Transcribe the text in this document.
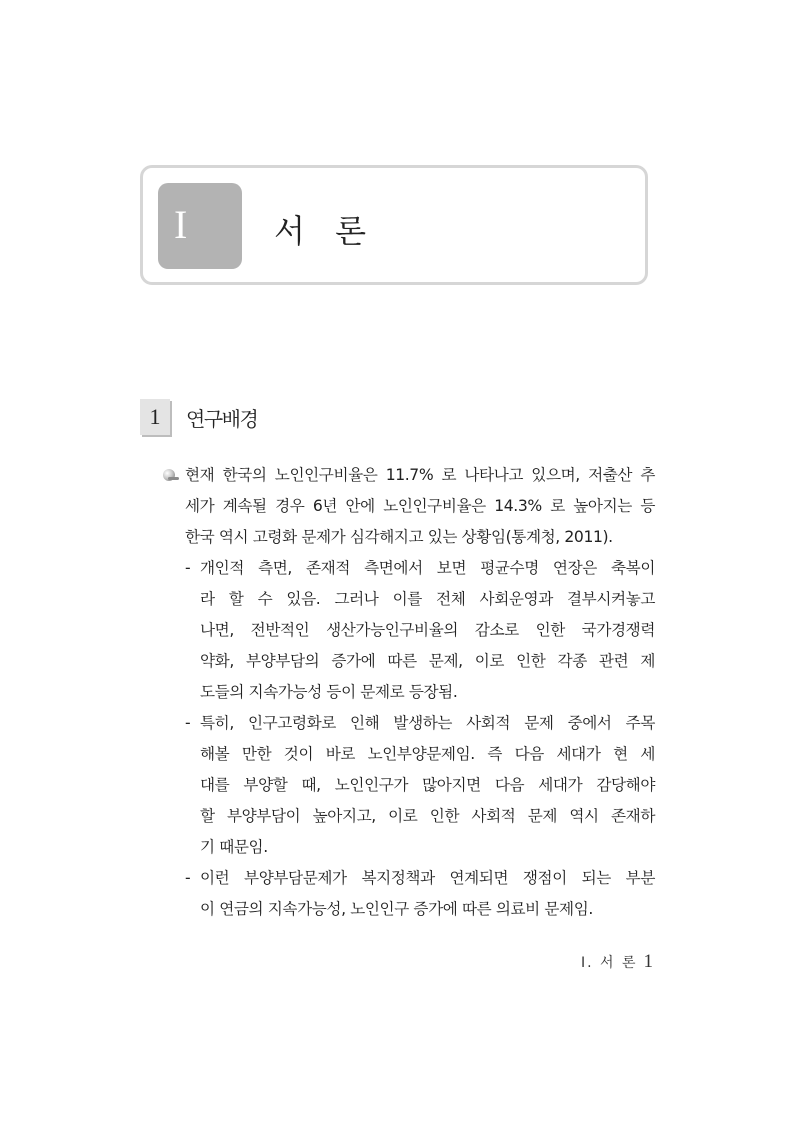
I	서 론
1	연구배경
현재 한국의 노인인구비율은 11.7% 로 나타나고 있으며, 저출산 추
세가 계속될 경우 6년 안에 노인인구비율은 14.3% 로 높아지는 등
한국 역시 고령화 문제가 심각해지고 있는 상황임(통계청, 2011).
- 개인적 측면, 존재적 측면에서 보면 평균수명 연장은 축복이
라 할 수 있음. 그러나 이를 전체 사회운영과 결부시켜놓고
나면, 전반적인 생산가능인구비율의 감소로 인한 국가경쟁력
약화, 부양부담의 증가에 따른 문제, 이로 인한 각종 관련 제
도들의 지속가능성 등이 문제로 등장됨.
- 특히, 인구고령화로 인해 발생하는 사회적 문제 중에서 주목
해볼 만한 것이 바로 노인부양문제임. 즉 다음 세대가 현 세
대를 부양할 때, 노인인구가 많아지면 다음 세대가 감당해야
할 부양부담이 높아지고, 이로 인한 사회적 문제 역시 존재하
기 때문임.
- 이런 부양부담문제가 복지정책과 연계되면 쟁점이 되는 부분
이 연금의 지속가능성, 노인인구 증가에 따른 의료비 문제임.
Ⅰ. 서 론 1
